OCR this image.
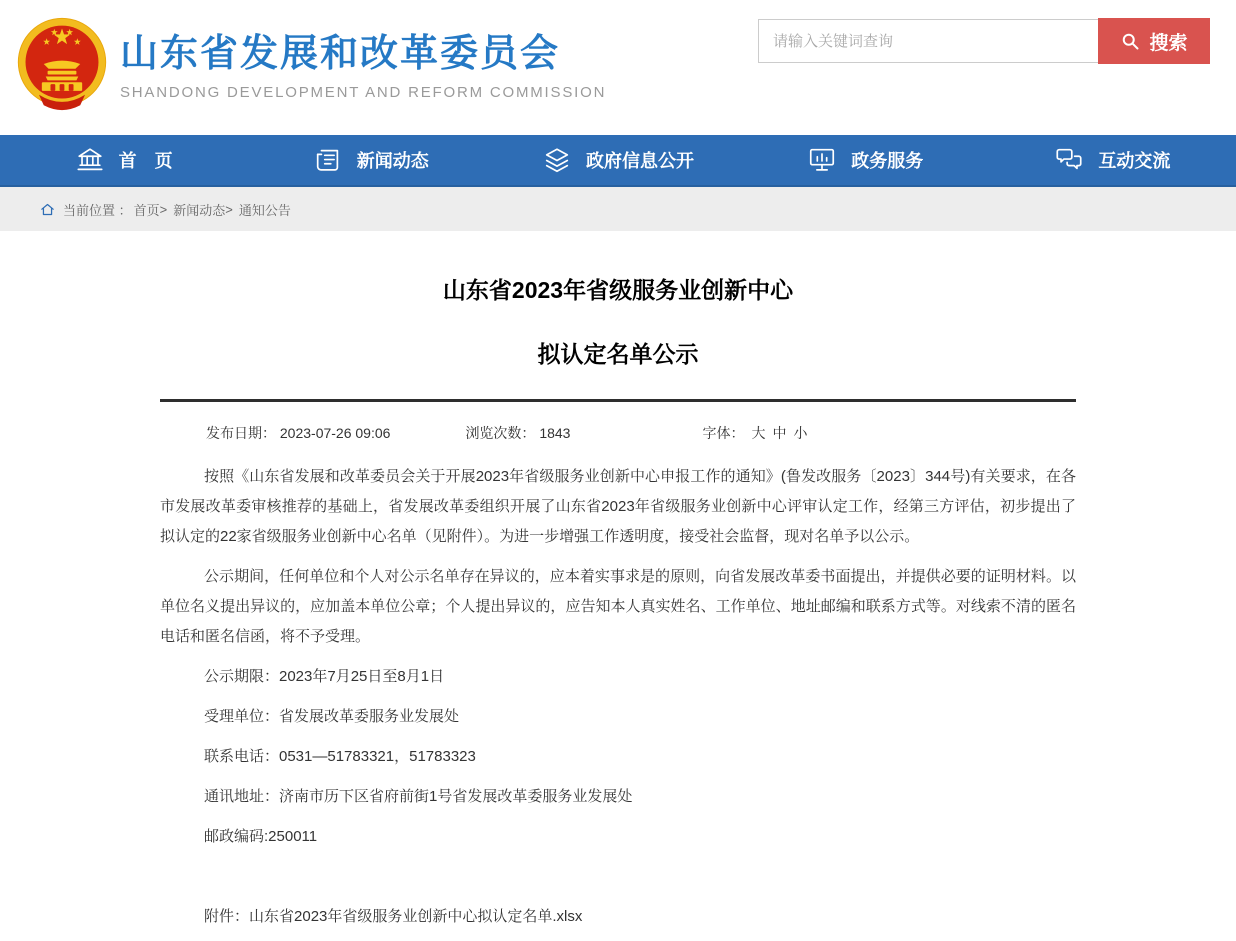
山东省发展和改革委员会
SHANDONG DEVELOPMENT AND REFORM COMMISSION
请输入关键词查询
搜索
首　页	新闻动态	政府信息公开	政务服务	互动交流
当前位置 ： 首页 > 新闻动态 > 通知公告
山东省2023年省级服务业创新中心
拟认定名单公示
发布日期： 2023-07-26 09:06	浏览次数： 1843	字体： 大 中 小

按照《山东省发展和改革委员会关于开展2023年省级服务业创新中心申报工作的通知》(鲁发改服务〔2023〕344号)有关要求，在各市发展改革委审核推荐的基础上，省发展改革委组织开展了山东省2023年省级服务业创新中心评审认定工作，经第三方评估，初步提出了拟认定的22家省级服务业创新中心名单（见附件）。为进一步增强工作透明度，接受社会监督，现对名单予以公示。

公示期间，任何单位和个人对公示名单存在异议的，应本着实事求是的原则，向省发展改革委书面提出，并提供必要的证明材料。以单位名义提出异议的，应加盖本单位公章；个人提出异议的，应告知本人真实姓名、工作单位、地址邮编和联系方式等。对线索不清的匿名电话和匿名信函，将不予受理。

公示期限：2023年7月25日至8月1日

受理单位：省发展改革委服务业发展处

联系电话：0531—51783321，51783323

通讯地址：济南市历下区省府前街1号省发展改革委服务业发展处

邮政编码:250011

附件：山东省2023年省级服务业创新中心拟认定名单.xlsx
